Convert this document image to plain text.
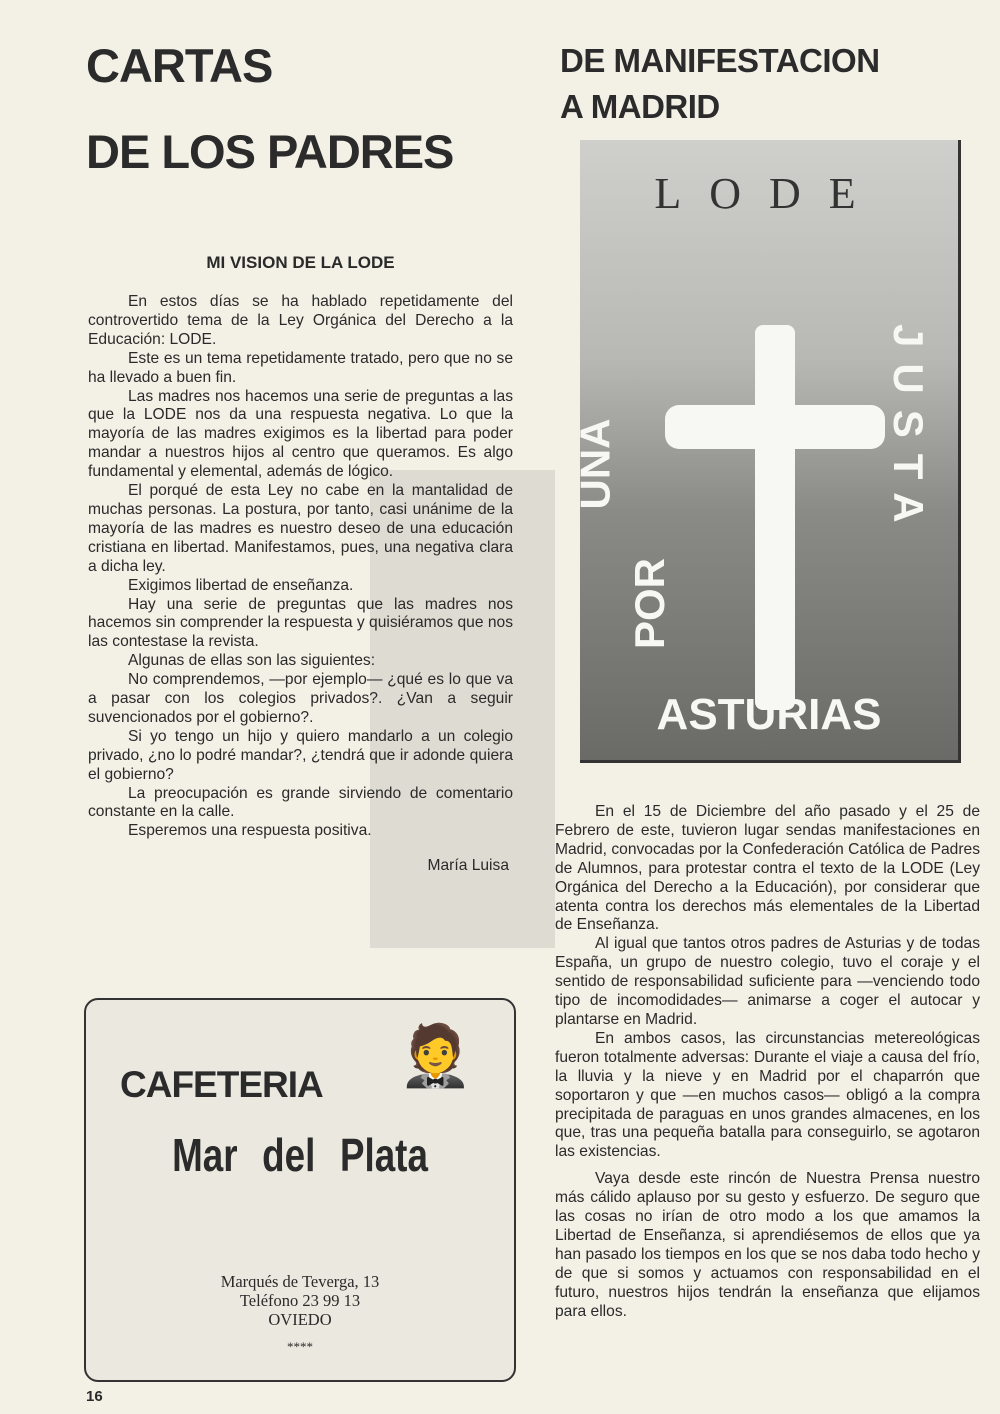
CARTAS
DE LOS PADRES
MI VISION DE LA LODE

En estos días se ha hablado repetidamente del controvertido tema de la Ley Orgánica del Derecho a la Educación: LODE.

Este es un tema repetidamente tratado, pero que no se ha llevado a buen fin.

Las madres nos hacemos una serie de preguntas a las que la LODE nos da una respuesta negativa. Lo que la mayoría de las madres exigimos es la libertad para poder mandar a nuestros hijos al centro que queramos. Es algo fundamental y elemental, además de lógico.

El porqué de esta Ley no cabe en la mantalidad de muchas personas. La postura, por tanto, casi unánime de la mayoría de las madres es nuestro deseo de una educación cristiana en libertad. Manifestamos, pues, una negativa clara a dicha ley.

Exigimos libertad de enseñanza.

Hay una serie de preguntas que las madres nos hacemos sin comprender la respuesta y quisiéramos que nos las contestase la revista.

Algunas de ellas son las siguientes:

No comprendemos, —por ejemplo— ¿qué es lo que va a pasar con los colegios privados?. ¿Van a seguir suvencionados por el gobierno?.

Si yo tengo un hijo y quiero mandarlo a un colegio privado, ¿no lo podré mandar?, ¿tendrá que ir adonde quiera el gobierno?

La preocupación es grande sirviendo de comentario constante en la calle.

Esperemos una respuesta positiva.

María Luisa

DE MANIFESTACION
A MADRID
LODE
UNA
POR
JUSTA
ASTURIAS

En el 15 de Diciembre del año pasado y el 25 de Febrero de este, tuvieron lugar sendas manifestaciones en Madrid, convocadas por la Confederación Católica de Padres de Alumnos, para protestar contra el texto de la LODE (Ley Orgánica del Derecho a la Educación), por considerar que atenta contra los derechos más elementales de la Libertad de Enseñanza.

Al igual que tantos otros padres de Asturias y de todas España, un grupo de nuestro colegio, tuvo el coraje y el sentido de responsabilidad suficiente para —venciendo todo tipo de incomodidades— animarse a coger el autocar y plantarse en Madrid.

En ambos casos, las circunstancias metereológicas fueron totalmente adversas: Durante el viaje a causa del frío, la lluvia y la nieve y en Madrid por el chaparrón que soportaron y que —en muchos casos— obligó a la compra precipitada de paraguas en unos grandes almacenes, en los que, tras una pequeña batalla para conseguirlo, se agotaron las existencias.

Vaya desde este rincón de Nuestra Prensa nuestro más cálido aplauso por su gesto y esfuerzo. De seguro que las cosas no irían de otro modo a los que amamos la Libertad de Enseñanza, si aprendiésemos de ellos que ya han pasado los tiempos en los que se nos daba todo hecho y de que si somos y actuamos con responsabilidad en el futuro, nuestros hijos tendrán la enseñanza que elijamos para ellos.

🤵
CAFETERIA
Mar del Plata
Marqués de Teverga, 13
Teléfono 23 99 13
OVIEDO
****
16
